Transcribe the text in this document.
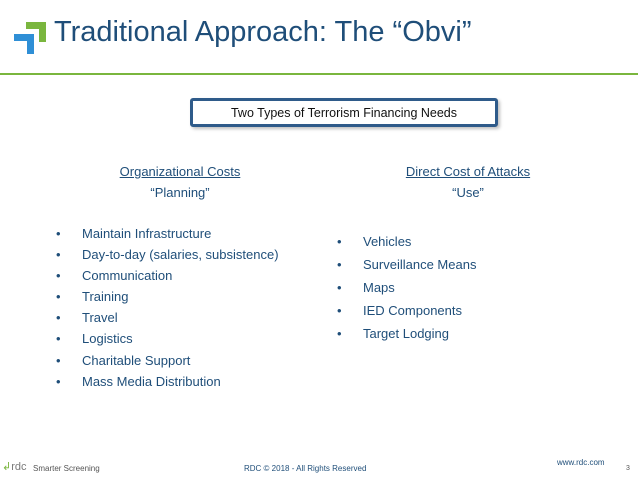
Traditional Approach: The “Obvi”
Two Types of Terrorism Financing Needs
Organizational Costs
“Planning”
Direct Cost of Attacks
“Use”
• Maintain Infrastructure
• Day-to-day (salaries, subsistence)
• Communication
• Training
• Travel
• Logistics
• Charitable Support
• Mass Media Distribution
• Vehicles
• Surveillance Means
• Maps
• IED Components
• Target Lodging
↲rdc Smarter Screening	RDC © 2018 - All Rights Reserved
www.rdc.com
3
